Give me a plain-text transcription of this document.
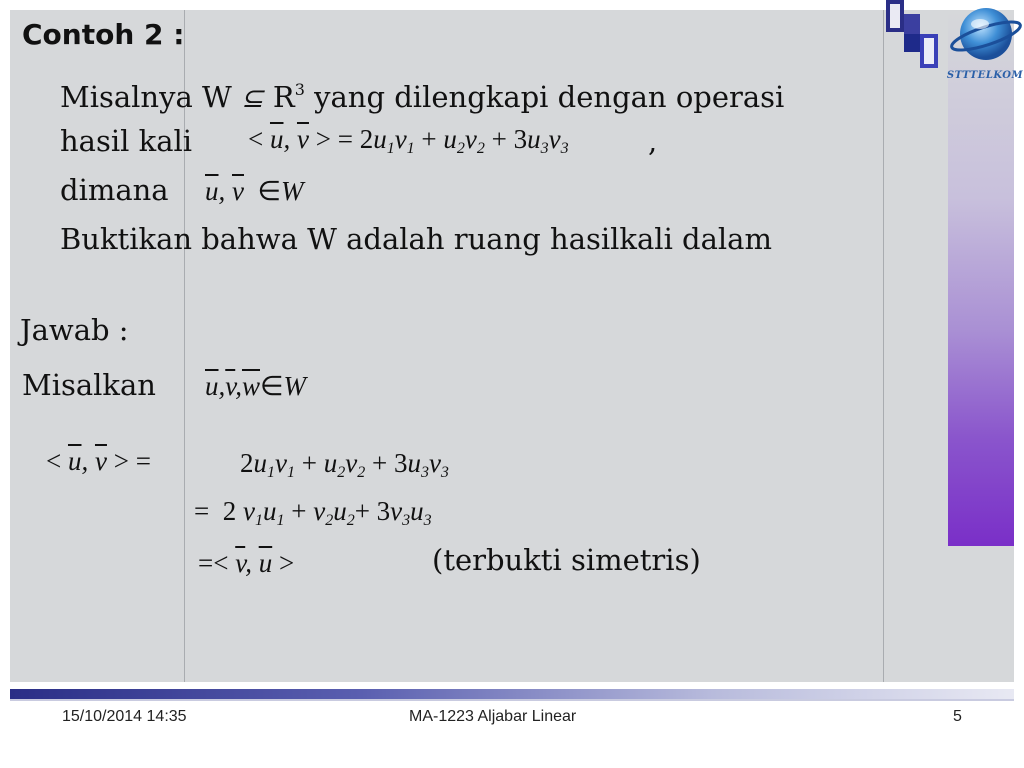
STTTELKOM
Contoh 2 :
Misalnya W ⊆ $R^3$ yang dilengkapi dengan operasi
hasil kali < $\overline{u}$, $\overline{v}$ > = $2u_1v_1 + u_2v_2 + 3u_3v_3$	,
dimana $\overline{u}$, $\overline{v}$ ∈W
Buktikan bahwa W adalah ruang hasilkali dalam
Jawab :
Misalkan $\overline{u},\overline{v},\overline{w}\in W$
< $\overline{u}$, $\overline{v}$ > =	$2u_1v_1 + u_2v_2 + 3u_3v_3$
= 2 $v_1u_1 + v_2u_2+ 3v_3u_3$
=< $\overline{v}$, $\overline{u}$ >	(terbukti simetris)
15/10/2014 14:35	MA-1223 Aljabar Linear	5
